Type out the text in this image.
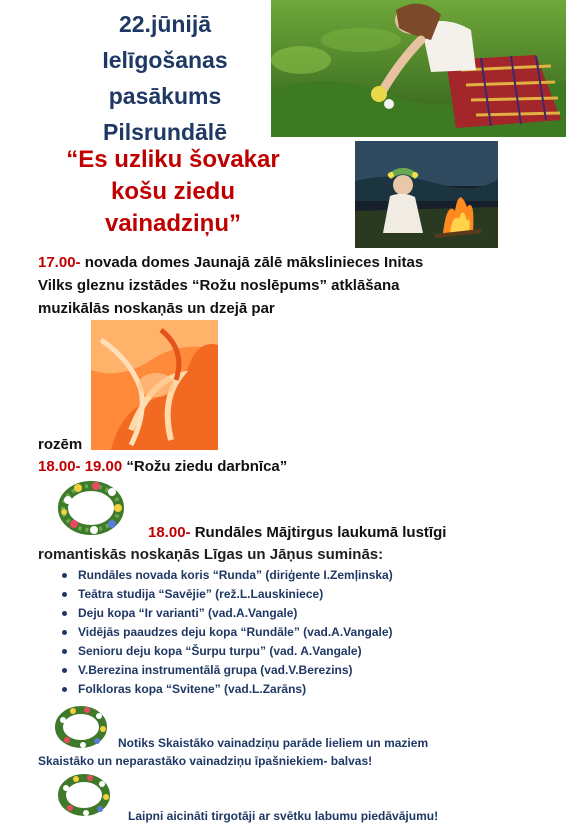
22.jūnijā
Ielīgošanas
pasākums
Pilsrundālē
“Es uzliku šovakar
košu ziedu
vainadziņu”
17.00- novada domes Jaunajā zālē mākslinieces Initas
Vilks gleznu izstādes “Rožu noslēpums” atklāšana
muzikālās noskaņās un dzejā par
rozēm
18.00- 19.00 “Rožu ziedu darbnīca”
18.00- Rundāles Mājtirgus laukumā lustīgi
romantiskās noskaņās Līgas un Jāņus suminās:
Rundāles novada koris “Runda” (diriģente I.Zemļinska)
Teātra studija “Savējie” (rež.L.Lauskiniece)
Deju kopa “Ir varianti” (vad.A.Vangale)
Vidējās paaudzes deju kopa “Rundāle” (vad.A.Vangale)
Senioru deju kopa “Šurpu turpu” (vad. A.Vangale)
V.Berezina instrumentālā grupa (vad.V.Berezins)
Folkloras kopa “Svitene” (vad.L.Zarāns)
Notiks Skaistāko vainadziņu parāde lieliem un maziem
Skaistāko un neparastāko vainadziņu īpašniekiem- balvas!
Laipni aicināti tirgotāji ar svētku labumu piedāvājumu!
